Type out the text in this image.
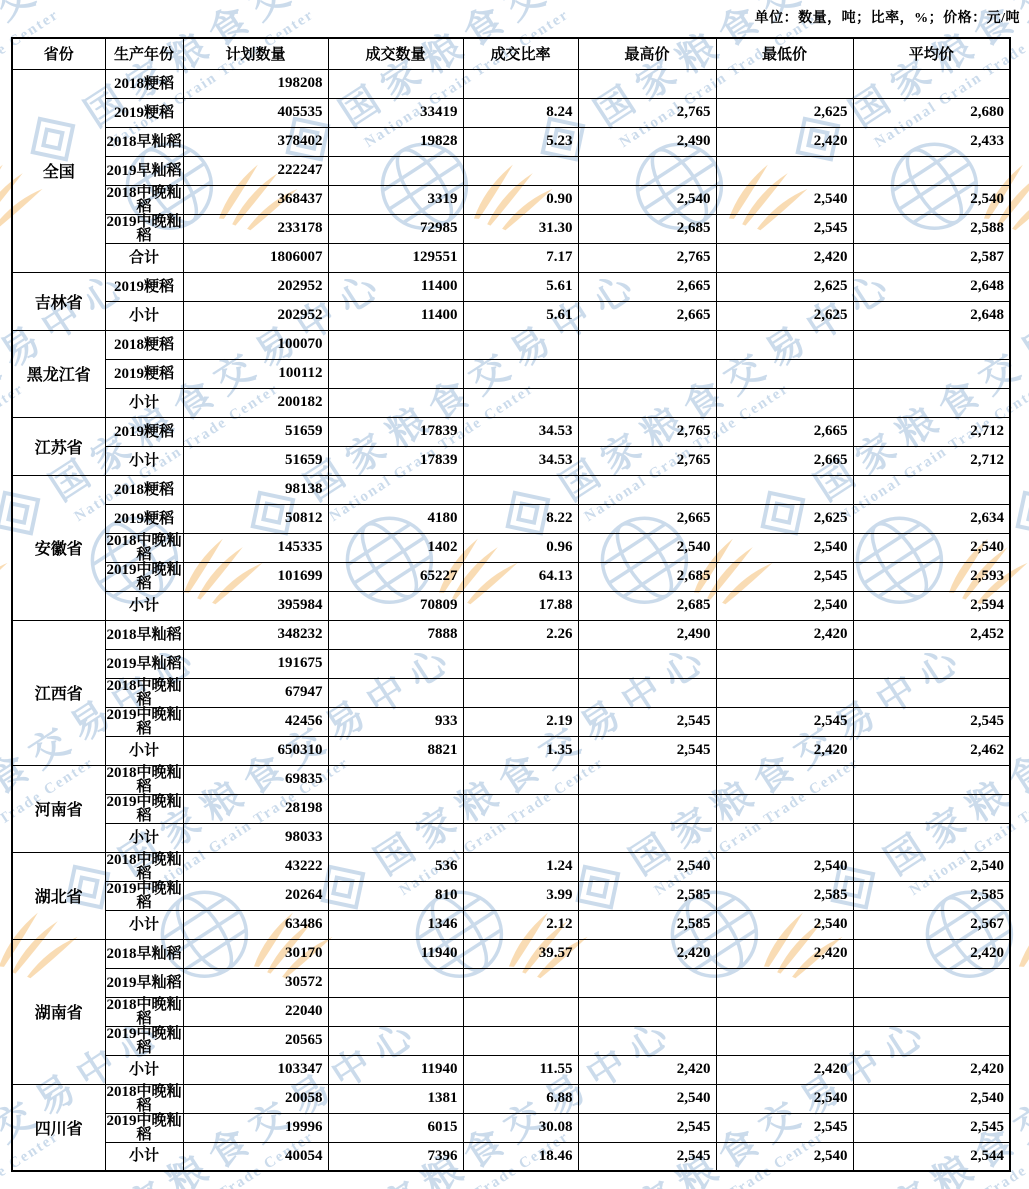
单位：数量，吨；比率，%；价格：元/吨
省份	生产年份	计划数量	成交数量	成交比率	最高价	最低价	平均价
全国	2018粳稻	198208					
	2019粳稻	405535	33419	8.24	2,765	2,625	2,680
	2018早籼稻	378402	19828	5.23	2,490	2,420	2,433
	2019早籼稻	222247					
	2018中晚籼稻	368437	3319	0.90	2,540	2,540	2,540
	2019中晚籼稻	233178	72985	31.30	2,685	2,545	2,588
	合计	1806007	129551	7.17	2,765	2,420	2,587
吉林省	2019粳稻	202952	11400	5.61	2,665	2,625	2,648
	小计	202952	11400	5.61	2,665	2,625	2,648
黑龙江省	2018粳稻	100070					
	2019粳稻	100112					
	小计	200182					
江苏省	2019粳稻	51659	17839	34.53	2,765	2,665	2,712
	小计	51659	17839	34.53	2,765	2,665	2,712
安徽省	2018粳稻	98138					
	2019粳稻	50812	4180	8.22	2,665	2,625	2,634
	2018中晚籼稻	145335	1402	0.96	2,540	2,540	2,540
	2019中晚籼稻	101699	65227	64.13	2,685	2,545	2,593
	小计	395984	70809	17.88	2,685	2,540	2,594
江西省	2018早籼稻	348232	7888	2.26	2,490	2,420	2,452
	2019早籼稻	191675					
	2018中晚籼稻	67947					
	2019中晚籼稻	42456	933	2.19	2,545	2,545	2,545
	小计	650310	8821	1.35	2,545	2,420	2,462
河南省	2018中晚籼稻	69835					
	2019中晚籼稻	28198					
	小计	98033					
湖北省	2018中晚籼稻	43222	536	1.24	2,540	2,540	2,540
	2019中晚籼稻	20264	810	3.99	2,585	2,585	2,585
	小计	63486	1346	2.12	2,585	2,540	2,567
湖南省	2018早籼稻	30170	11940	39.57	2,420	2,420	2,420
	2019早籼稻	30572					
	2018中晚籼稻	22040					
	2019中晚籼稻	20565					
	小计	103347	11940	11.55	2,420	2,420	2,420
四川省	2018中晚籼稻	20058	1381	6.88	2,540	2,540	2,540
	2019中晚籼稻	19996	6015	30.08	2,545	2,545	2,545
	小计	40054	7396	18.46	2,545	2,540	2,544
